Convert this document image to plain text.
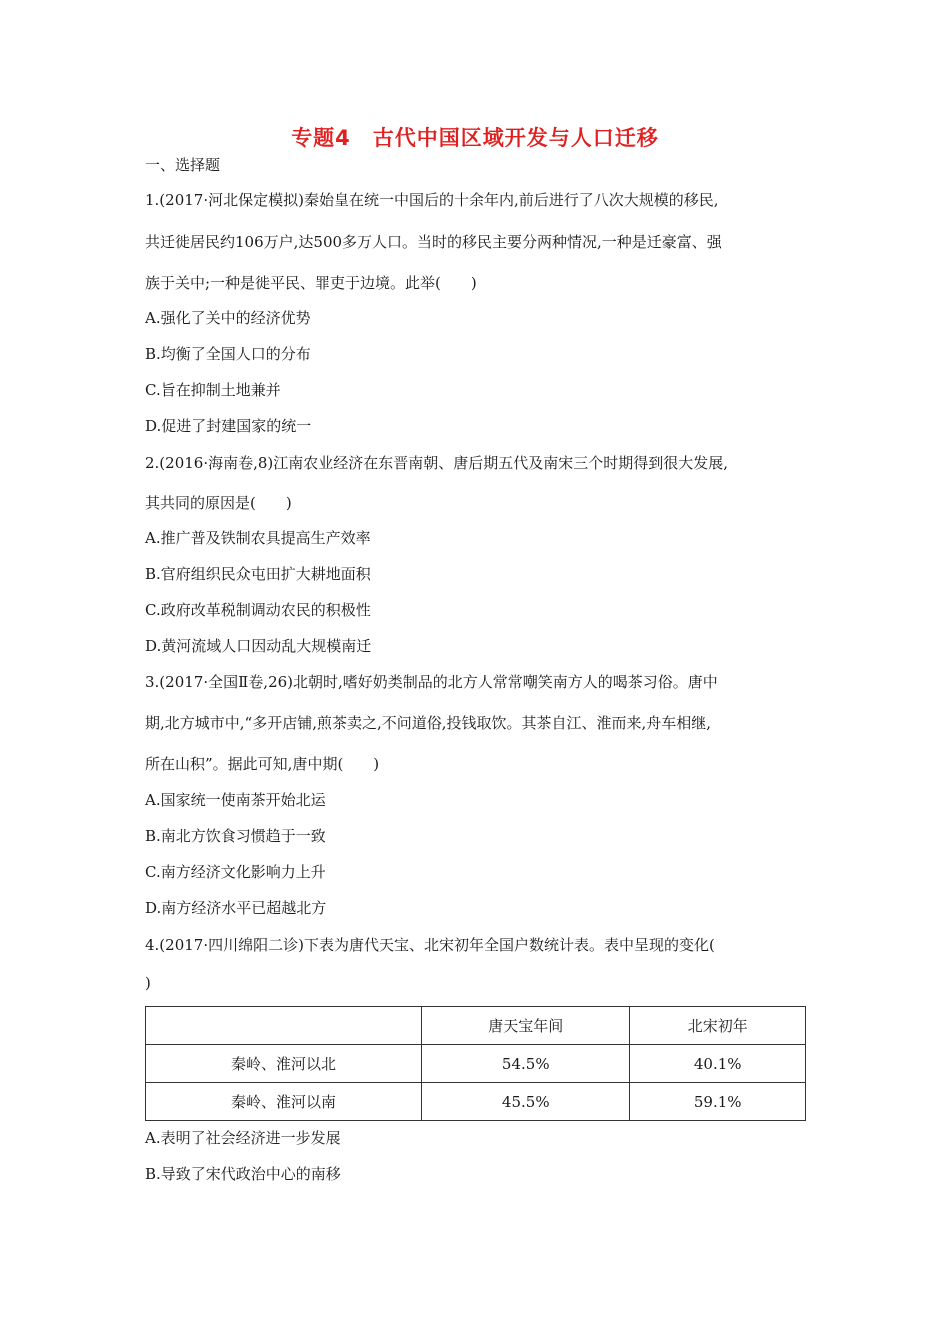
专题4　古代中国区域开发与人口迁移
一、选择题
1.(2017·河北保定模拟)秦始皇在统一中国后的十余年内,前后进行了八次大规模的移民,
共迁徙居民约106万户,达500多万人口。当时的移民主要分两种情况,一种是迁豪富、强
族于关中;一种是徙平民、罪吏于边境。此举(　　)
A.强化了关中的经济优势
B.均衡了全国人口的分布
C.旨在抑制土地兼并
D.促进了封建国家的统一
2.(2016·海南卷,8)江南农业经济在东晋南朝、唐后期五代及南宋三个时期得到很大发展,
其共同的原因是(　　)
A.推广普及铁制农具提高生产效率
B.官府组织民众屯田扩大耕地面积
C.政府改革税制调动农民的积极性
D.黄河流域人口因动乱大规模南迁
3.(2017·全国Ⅱ卷,26)北朝时,嗜好奶类制品的北方人常常嘲笑南方人的喝茶习俗。唐中
期,北方城市中,“多开店铺,煎茶卖之,不问道俗,投钱取饮。其茶自江、淮而来,舟车相继,
所在山积”。据此可知,唐中期(　　)
A.国家统一使南茶开始北运
B.南北方饮食习惯趋于一致
C.南方经济文化影响力上升
D.南方经济水平已超越北方
4.(2017·四川绵阳二诊)下表为唐代天宝、北宋初年全国户数统计表。表中呈现的变化(
)
	唐天宝年间	北宋初年
秦岭、淮河以北	54.5%	40.1%
秦岭、淮河以南	45.5%	59.1%
A.表明了社会经济进一步发展
B.导致了宋代政治中心的南移
